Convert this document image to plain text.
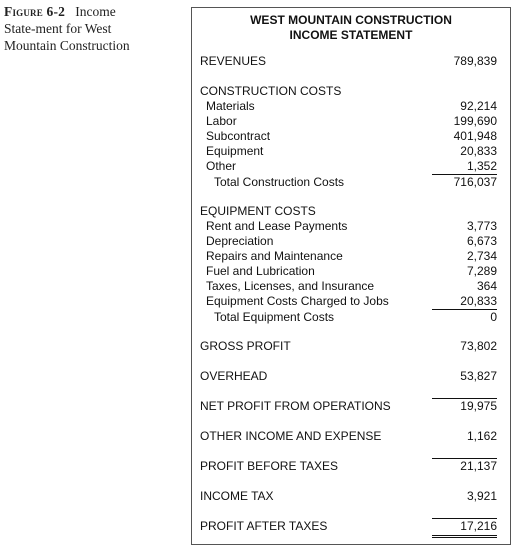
Figure 6-2 Income
State-ment for West
Mountain Construction
WEST MOUNTAIN CONSTRUCTION
INCOME STATEMENT
REVENUES	789,839
CONSTRUCTION COSTS
Materials	92,214
Labor	199,690
Subcontract	401,948
Equipment	20,833
Other	1,352
Total Construction Costs	716,037
EQUIPMENT COSTS
Rent and Lease Payments	3,773
Depreciation	6,673
Repairs and Maintenance	2,734
Fuel and Lubrication	7,289
Taxes, Licenses, and Insurance	364
Equipment Costs Charged to Jobs	20,833
Total Equipment Costs	0
GROSS PROFIT	73,802
OVERHEAD	53,827
NET PROFIT FROM OPERATIONS	19,975
OTHER INCOME AND EXPENSE	1,162
PROFIT BEFORE TAXES	21,137
INCOME TAX	3,921
PROFIT AFTER TAXES	17,216
